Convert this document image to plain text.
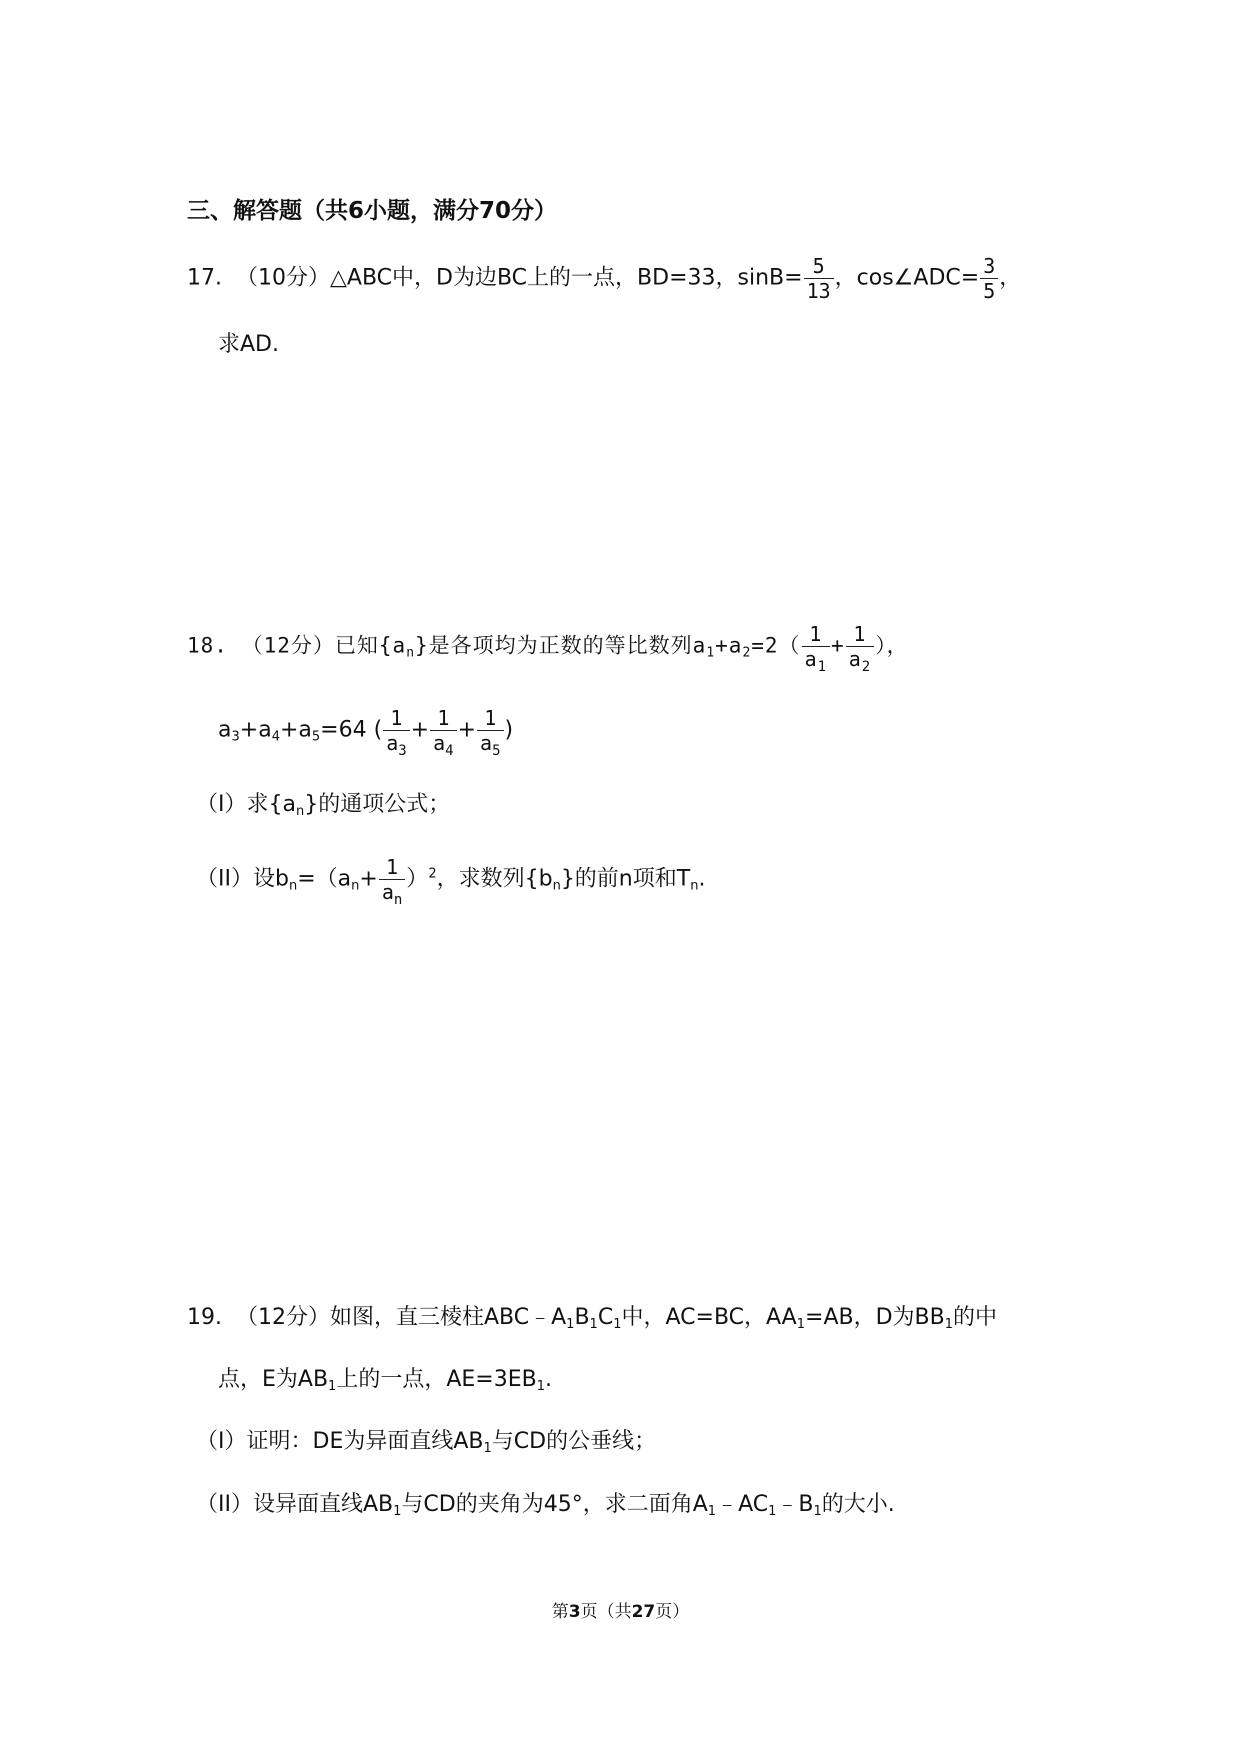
三、解答题（共6小题，满分70分）
17. （10分）△ABC中，D为边BC上的一点，BD=33，$\sin B= \frac{5}{13}$ ，cos∠ADC= $\frac{3}{5}$ ，
求AD.
18. （12分）已知$\{a_n\}$是各项均为正数的等比数列$a_1+a_2=2( \frac{1}{a_1} + \frac{1}{a_2}$ ），
$a_3+a_4+a_5=64$ ( $\frac{1}{a_3} + \frac{1}{a_4} + \frac{1}{a_5}$ )
（I）求$\{a_n\}$的通项公式；
（II）设$b_n=(a_n+ \frac{1}{a_n} )^2$，求数列$\{b_n\}$的前n项和$T_n$.
19. （12分）如图，直三棱柱$ABC﹣A_1B_1C_1$中，AC=BC，$AA_1=AB$，D为$BB_1$的中
点，E为$AB_1$上的一点，$AE=3EB_1$.
（I）证明：DE为异面直线$AB_1$与CD的公垂线；
（II）设异面直线$AB_1$与CD的夹角为45°，求二面角$A_1﹣AC_1﹣B_1$的大小.
第3页（共27页）
